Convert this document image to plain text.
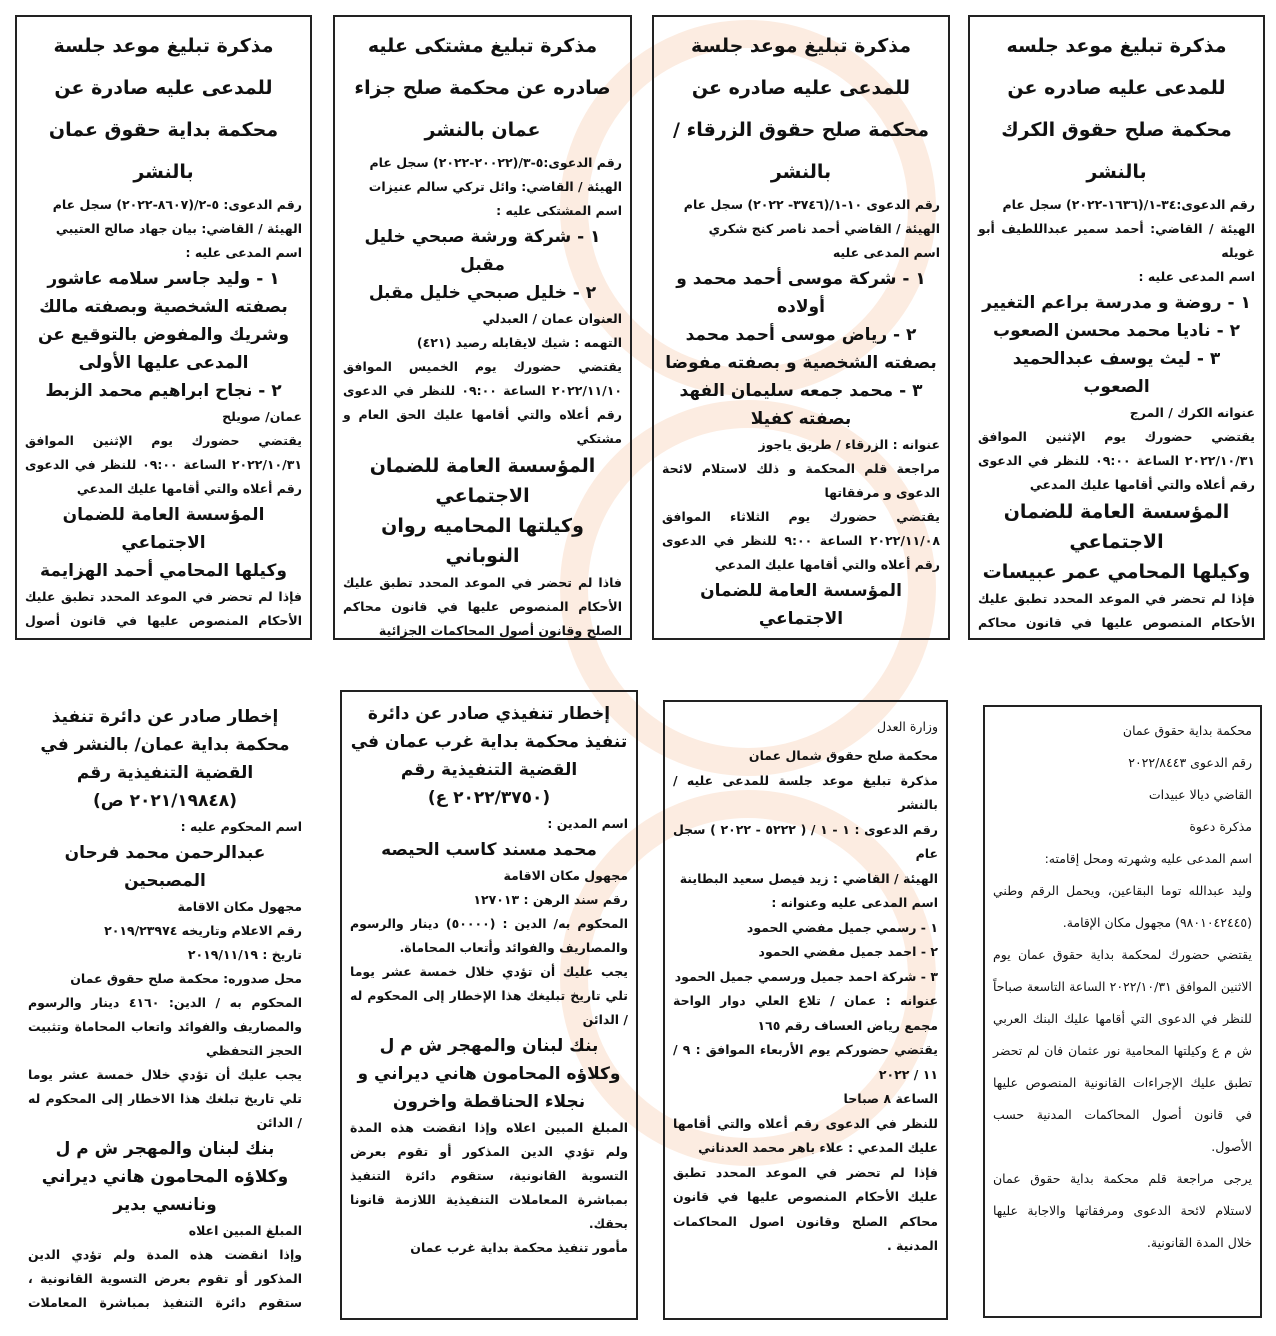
مذكرة تبليغ موعد جلسه للمدعى عليه صادره عن محكمة صلح حقوق الكرك بالنشر
رقم الدعوى:٣٤-١/(١٦٣٦-٢٠٢٢) سجل عام
الهيئة / القاضي: أحمد سمير عبداللطيف أبو غويله
اسم المدعى عليه :
١ - روضة و مدرسة براعم التغيير
٢ - ناديا محمد محسن الصعوب
٣ - ليث يوسف عبدالحميد الصعوب
عنوانه الكرك / المرج
يقتضي حضورك يوم الإثنين الموافق ٢٠٢٢/١٠/٣١ الساعة ٠٩:٠٠ للنظر في الدعوى رقم أعلاه والتي أقامها عليك المدعي
المؤسسة العامة للضمان الاجتماعي
وكيلها المحامي عمر عبيسات
فإذا لم تحضر في الموعد المحدد تطبق عليك الأحكام المنصوص عليها في قانون محاكم
مذكرة تبليغ موعد جلسة للمدعى عليه صادره عن محكمة صلح حقوق الزرقاء / بالنشر
رقم الدعوى ١٠-١/(٣٧٤٦- ٢٠٢٢) سجل عام
الهيئة / القاضي أحمد ناصر كنج شكري
اسم المدعى عليه
١ - شركة موسى أحمد محمد و أولاده
٢ - رياض موسى أحمد محمد بصفته الشخصية و بصفته مفوضا
٣ - محمد جمعه سليمان الفهد بصفته كفيلا
عنوانه : الزرقاء / طريق ياجوز
مراجعة قلم المحكمة و ذلك لاستلام لائحة الدعوى و مرفقاتها
يقتضي حضورك يوم الثلاثاء الموافق ٢٠٢٢/١١/٠٨ الساعة ٩:٠٠ للنظر في الدعوى رقم أعلاه والتي أقامها عليك المدعي
المؤسسة العامة للضمان الاجتماعي
مذكرة تبليغ مشتكى عليه صادره عن محكمة صلح جزاء عمان بالنشر
رقم الدعوى:٥-٣/(٢٠٠٢٢-٢٠٢٢) سجل عام
الهيئة / القاضي: وائل تركي سالم عنيزات
اسم المشتكى عليه :
١ - شركة ورشة صبحي خليل مقبل
٢ - خليل صبحي خليل مقبل
العنوان عمان / العبدلي
التهمه : شيك لايقابله رصيد (٤٢١)
يقتضي حضورك يوم الخميس الموافق ٢٠٢٢/١١/١٠ الساعة ٠٩:٠٠ للنظر في الدعوى رقم أعلاه والتي أقامها عليك الحق العام و مشتكي
المؤسسة العامة للضمان الاجتماعي
وكيلتها المحاميه روان النوباني
فاذا لم تحضر في الموعد المحدد تطبق عليك الأحكام المنصوص عليها في قانون محاكم الصلح وقانون أصول المحاكمات الجزائية
مذكرة تبليغ موعد جلسة للمدعى عليه صادرة عن محكمة بداية حقوق عمان بالنشر
رقم الدعوى: ٥-٢/(٨٦٠٧-٢٠٢٢) سجل عام
الهيئة / القاضي: بيان جهاد صالح العتيبي
اسم المدعى عليه :
١ - وليد جاسر سلامه عاشور بصفته الشخصية وبصفته مالك وشريك والمفوض بالتوقيع عن المدعى عليها الأولى
٢ - نجاح ابراهيم محمد الزبط
عمان/ صويلح
يقتضي حضورك يوم الإثنين الموافق ٢٠٢٢/١٠/٣١ الساعة ٠٩:٠٠ للنظر في الدعوى رقم أعلاه والتي أقامها عليك المدعي
المؤسسة العامة للضمان الاجتماعي
وكيلها المحامي أحمد الهزايمة
فإذا لم تحضر في الموعد المحدد تطبق عليك الأحكام المنصوص عليها في قانون أصول
محكمة بداية حقوق عمان
رقم الدعوى ٢٠٢٢/٨٤٤٣
القاضي ديالا عبيدات
مذكرة دعوة
اسم المدعى عليه وشهرته ومحل إقامته:
وليد عبدالله توما البقاعين، ويحمل الرقم وطني (٩٨٠١٠٤٢٤٤٥) مجهول مكان الإقامة.
يقتضي حضورك لمحكمة بداية حقوق عمان يوم الاثنين الموافق ٢٠٢٢/١٠/٣١ الساعة التاسعة صباحاً للنظر في الدعوى التي أقامها عليك البنك العربي ش م ع وكيلتها المحامية نور عثمان فان لم تحضر تطبق عليك الإجراءات القانونية المنصوص عليها في قانون أصول المحاكمات المدنية حسب الأصول.
يرجى مراجعة قلم محكمة بداية حقوق عمان لاستلام لائحة الدعوى ومرفقاتها والاجابة عليها خلال المدة القانونية.
وزارة العدل
محكمة صلح حقوق شمال عمان
مذكرة تبليغ موعد جلسة للمدعى عليه / بالنشر
رقم الدعوى : ١ - ١ / ( ٥٢٢٢ - ٢٠٢٢ ) سجل عام
الهيئة / القاضي : زيد فيصل سعيد البطاينة
اسم المدعى عليه وعنوانه :
١ - رسمي جميل مفضي الحمود
٢ - احمد جميل مفضي الحمود
٣ - شركة احمد جميل ورسمي جميل الحمود
عنوانه : عمان / تلاع العلي دوار الواحة مجمع رياض العساف رقم ١٦٥
يقتضي حضوركم يوم الأربعاء الموافق : ٩ / ١١ / ٢٠٢٢
الساعة ٨ صباحا
للنظر في الدعوى رقم أعلاه والتي أقامها عليك المدعي : علاء باهر محمد العدناني
فإذا لم تحضر في الموعد المحدد تطبق عليك الأحكام المنصوص عليها في قانون محاكم الصلح وقانون اصول المحاكمات المدنية .
إخطار تنفيذي صادر عن دائرة تنفيذ محكمة بداية غرب عمان في القضية التنفيذية رقم (٢٠٢٢/٣٧٥٠ ع)
اسم المدين :
محمد مسند كاسب الحيصه
مجهول مكان الاقامة
رقم سند الرهن : ١٢٧٠١٣
المحكوم به/ الدين : (٥٠٠٠٠) دينار والرسوم والمصاريف والفوائد وأتعاب المحاماة.
يجب عليك أن تؤدي خلال خمسة عشر يوما تلي تاريخ تبليغك هذا الإخطار إلى المحكوم له / الدائن
بنك لبنان والمهجر ش م ل وكلاؤه المحامون هاني ديراني و نجلاء الحناقطة واخرون
المبلغ المبين اعلاه وإذا انقضت هذه المدة ولم تؤدي الدين المذكور أو تقوم بعرض التسوية القانونية، ستقوم دائرة التنفيذ بمباشرة المعاملات التنفيذية اللازمة قانونا بحقك.
مأمور تنفيذ محكمة بداية غرب عمان
إخطار صادر عن دائرة تنفيذ محكمة بداية عمان/ بالنشر في القضية التنفيذية رقم (٢٠٢١/١٩٨٤٨ ص)
اسم المحكوم عليه :
عبدالرحمن محمد فرحان المصبحين
مجهول مكان الاقامة
رقم الاعلام وتاريخه ٢٠١٩/٢٣٩٧٤
تاريخ : ٢٠١٩/١١/١٩
محل صدوره: محكمة صلح حقوق عمان
المحكوم به / الدين: ٤١٦٠ دينار والرسوم والمصاريف والفوائد واتعاب المحاماة وتثبيت الحجز التحفظي
يجب عليك أن تؤدي خلال خمسة عشر يوما تلي تاريخ تبلغك هذا الاخطار إلى المحكوم له / الدائن
بنك لبنان والمهجر ش م ل وكلاؤه المحامون هاني ديراني ونانسي بدير
المبلغ المبين اعلاه
وإذا انقضت هذه المدة ولم تؤدي الدين المذكور أو تقوم بعرض التسوية القانونية ، ستقوم دائرة التنفيذ بمباشرة المعاملات
